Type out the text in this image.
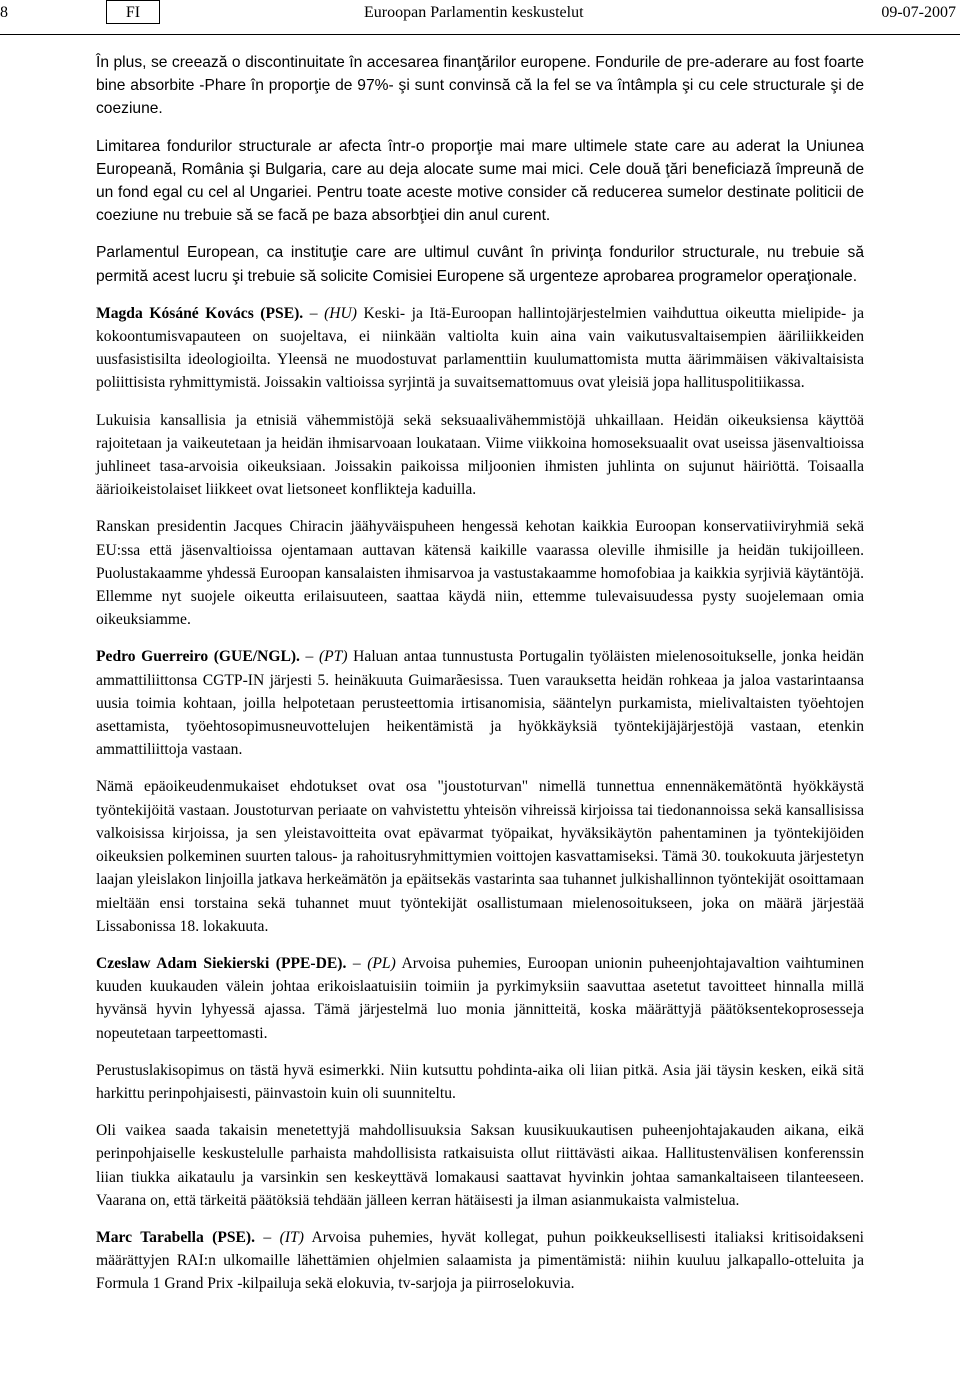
8	FI	Euroopan Parlamentin keskustelut	09-07-2007

În plus, se creează o discontinuitate în accesarea finanţărilor europene. Fondurile de pre-aderare au fost foarte bine absorbite -Phare în proporţie de 97%- şi sunt convinsă că la fel se va întâmpla şi cu cele structurale şi de coeziune.

Limitarea fondurilor structurale ar afecta într-o proporţie mai mare ultimele state care au aderat la Uniunea Europeană, România şi Bulgaria, care au deja alocate sume mai mici. Cele două ţări beneficiază împreună de un fond egal cu cel al Ungariei. Pentru toate aceste motive consider că reducerea sumelor destinate politicii de coeziune nu trebuie să se facă pe baza absorbţiei din anul curent.

Parlamentul European, ca instituţie care are ultimul cuvânt în privinţa fondurilor structurale, nu trebuie să permită acest lucru şi trebuie să solicite Comisiei Europene să urgenteze aprobarea programelor operaţionale.

Magda Kósáné Kovács (PSE). – (HU) Keski- ja Itä-Euroopan hallintojärjestelmien vaihduttua oikeutta mielipide- ja kokoontumisvapauteen on suojeltava, ei niinkään valtiolta kuin aina vain vaikutusvaltaisempien ääriliikkeiden uusfasistisilta ideologioilta. Yleensä ne muodostuvat parlamenttiin kuulumattomista mutta äärimmäisen väkivaltaisista poliittisista ryhmittymistä. Joissakin valtioissa syrjintä ja suvaitsemattomuus ovat yleisiä jopa hallituspolitiikassa.

Lukuisia kansallisia ja etnisiä vähemmistöjä sekä seksuaalivähemmistöjä uhkaillaan. Heidän oikeuksiensa käyttöä rajoitetaan ja vaikeutetaan ja heidän ihmisarvoaan loukataan. Viime viikkoina homoseksuaalit ovat useissa jäsenvaltioissa juhlineet tasa-arvoisia oikeuksiaan. Joissakin paikoissa miljoonien ihmisten juhlinta on sujunut häiriöttä. Toisaalla äärioikeistolaiset liikkeet ovat lietsoneet konflikteja kaduilla.

Ranskan presidentin Jacques Chiracin jäähyväispuheen hengessä kehotan kaikkia Euroopan konservatiiviryhmiä sekä EU:ssa että jäsenvaltioissa ojentamaan auttavan kätensä kaikille vaarassa oleville ihmisille ja heidän tukijoilleen. Puolustakaamme yhdessä Euroopan kansalaisten ihmisarvoa ja vastustakaamme homofobiaa ja kaikkia syrjiviä käytäntöjä. Ellemme nyt suojele oikeutta erilaisuuteen, saattaa käydä niin, ettemme tulevaisuudessa pysty suojelemaan omia oikeuksiamme.

Pedro Guerreiro (GUE/NGL). – (PT) Haluan antaa tunnustusta Portugalin työläisten mielenosoitukselle, jonka heidän ammattiliittonsa CGTP-IN järjesti 5. heinäkuuta Guimarãesissa. Tuen varauksetta heidän rohkeaa ja jaloa vastarintaansa uusia toimia kohtaan, joilla helpotetaan perusteettomia irtisanomisia, sääntelyn purkamista, mielivaltaisten työehtojen asettamista, työehtosopimusneuvottelujen heikentämistä ja hyökkäyksiä työntekijäjärjestöjä vastaan, etenkin ammattiliittoja vastaan.

Nämä epäoikeudenmukaiset ehdotukset ovat osa "joustoturvan" nimellä tunnettua ennennäkemätöntä hyökkäystä työntekijöitä vastaan. Joustoturvan periaate on vahvistettu yhteisön vihreissä kirjoissa tai tiedonannoissa sekä kansallisissa valkoisissa kirjoissa, ja sen yleistavoitteita ovat epävarmat työpaikat, hyväksikäytön pahentaminen ja työntekijöiden oikeuksien polkeminen suurten talous- ja rahoitusryhmittymien voittojen kasvattamiseksi. Tämä 30. toukokuuta järjestetyn laajan yleislakon linjoilla jatkava herkeämätön ja epäitsekäs vastarinta saa tuhannet julkishallinnon työntekijät osoittamaan mieltään ensi torstaina sekä tuhannet muut työntekijät osallistumaan mielenosoitukseen, joka on määrä järjestää Lissabonissa 18. lokakuuta.

Czeslaw Adam Siekierski (PPE-DE). – (PL) Arvoisa puhemies, Euroopan unionin puheenjohtajavaltion vaihtuminen kuuden kuukauden välein johtaa erikoislaatuisiin toimiin ja pyrkimyksiin saavuttaa asetetut tavoitteet hinnalla millä hyvänsä hyvin lyhyessä ajassa. Tämä järjestelmä luo monia jännitteitä, koska määrättyjä päätöksentekoprosesseja nopeutetaan tarpeettomasti.

Perustuslakisopimus on tästä hyvä esimerkki. Niin kutsuttu pohdinta-aika oli liian pitkä. Asia jäi täysin kesken, eikä sitä harkittu perinpohjaisesti, päinvastoin kuin oli suunniteltu.

Oli vaikea saada takaisin menetettyjä mahdollisuuksia Saksan kuusikuukautisen puheenjohtajakauden aikana, eikä perinpohjaiselle keskustelulle parhaista mahdollisista ratkaisuista ollut riittävästi aikaa. Hallitustenvälisen konferenssin liian tiukka aikataulu ja varsinkin sen keskeyttävä lomakausi saattavat hyvinkin johtaa samankaltaiseen tilanteeseen. Vaarana on, että tärkeitä päätöksiä tehdään jälleen kerran hätäisesti ja ilman asianmukaista valmistelua.

Marc Tarabella (PSE). – (IT) Arvoisa puhemies, hyvät kollegat, puhun poikkeuksellisesti italiaksi kritisoidakseni määrättyjen RAI:n ulkomaille lähettämien ohjelmien salaamista ja pimentämistä: niihin kuuluu jalkapallo-otteluita ja Formula 1 Grand Prix -kilpailuja sekä elokuvia, tv-sarjoja ja piirroselokuvia.
